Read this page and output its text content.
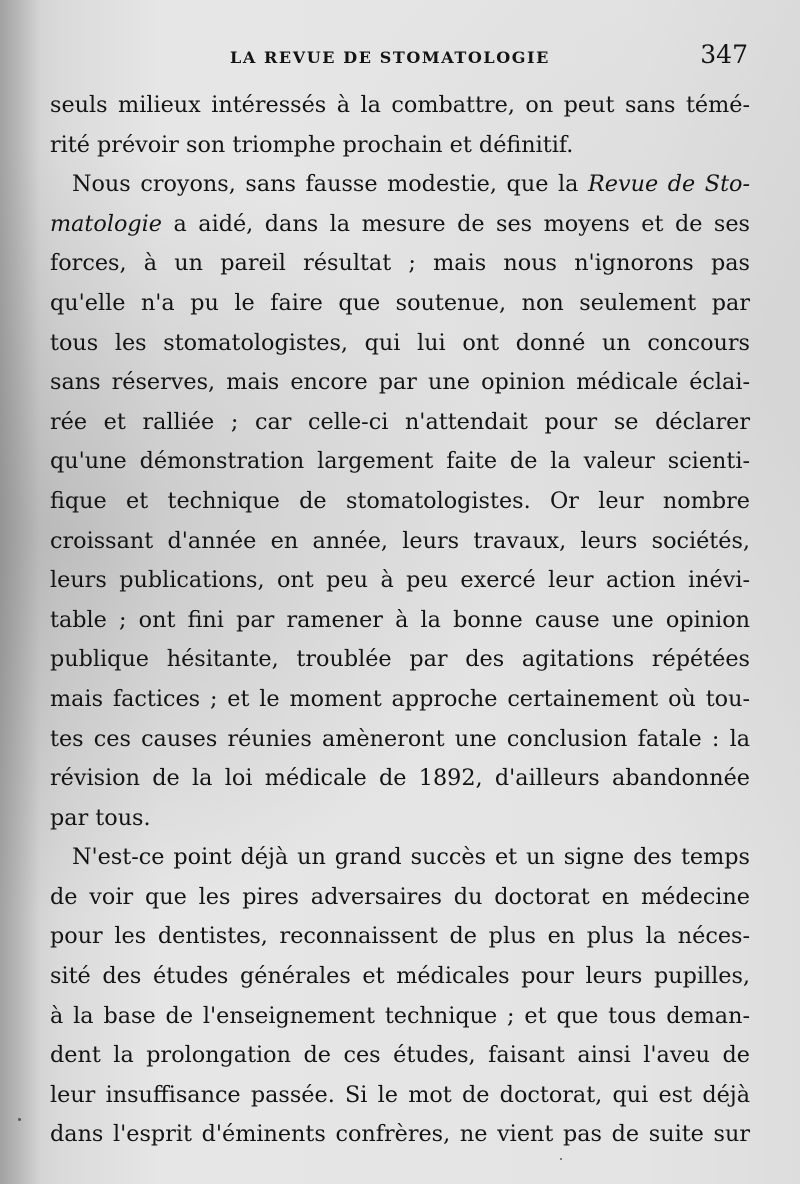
LA REVUE DE STOMATOLOGIE	347
seuls milieux intéressés à la combattre, on peut sans témé-
rité prévoir son triomphe prochain et définitif.
Nous croyons, sans fausse modestie, que la Revue de Sto-
matologie a aidé, dans la mesure de ses moyens et de ses
forces, à un pareil résultat ; mais nous n'ignorons pas
qu'elle n'a pu le faire que soutenue, non seulement par
tous les stomatologistes, qui lui ont donné un concours
sans réserves, mais encore par une opinion médicale éclai-
rée et ralliée ; car celle-ci n'attendait pour se déclarer
qu'une démonstration largement faite de la valeur scienti-
fique et technique de stomatologistes. Or leur nombre
croissant d'année en année, leurs travaux, leurs sociétés,
leurs publications, ont peu à peu exercé leur action inévi-
table ; ont fini par ramener à la bonne cause une opinion
publique hésitante, troublée par des agitations répétées
mais factices ; et le moment approche certainement où tou-
tes ces causes réunies amèneront une conclusion fatale : la
révision de la loi médicale de 1892, d'ailleurs abandonnée
par tous.
N'est-ce point déjà un grand succès et un signe des temps
de voir que les pires adversaires du doctorat en médecine
pour les dentistes, reconnaissent de plus en plus la néces-
sité des études générales et médicales pour leurs pupilles,
à la base de l'enseignement technique ; et que tous deman-
dent la prolongation de ces études, faisant ainsi l'aveu de
leur insuffisance passée. Si le mot de doctorat, qui est déjà
dans l'esprit d'éminents confrères, ne vient pas de suite sur
